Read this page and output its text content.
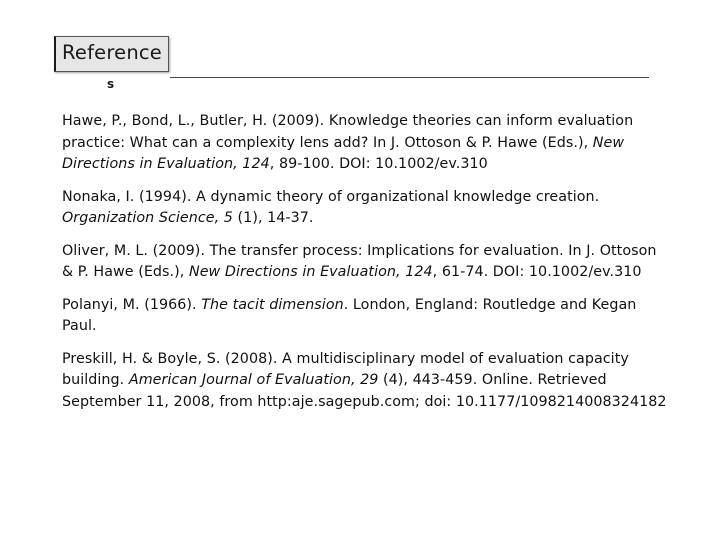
Reference
s
Hawe, P., Bond, L., Butler, H. (2009). Knowledge theories can inform evaluation
practice: What can a complexity lens add? In J. Ottoson & P. Hawe (Eds.), New
Directions in Evaluation, 124, 89-100. DOI: 10.1002/ev.310
Nonaka, I. (1994). A dynamic theory of organizational knowledge creation.
Organization Science, 5 (1), 14-37.
Oliver, M. L. (2009). The transfer process: Implications for evaluation. In J. Ottoson
& P. Hawe (Eds.), New Directions in Evaluation, 124, 61-74. DOI: 10.1002/ev.310
Polanyi, M. (1966). The tacit dimension. London, England: Routledge and Kegan
Paul.
Preskill, H. & Boyle, S. (2008). A multidisciplinary model of evaluation capacity
building. American Journal of Evaluation, 29 (4), 443-459. Online. Retrieved
September 11, 2008, from http:aje.sagepub.com; doi: 10.1177/1098214008324182
